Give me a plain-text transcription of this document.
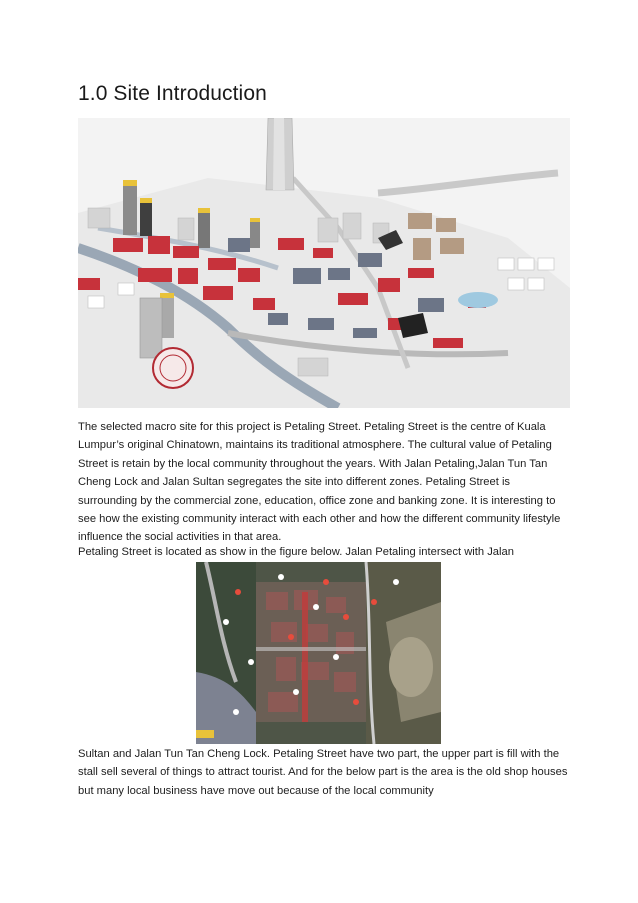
1.0 Site Introduction

The selected macro site for this project is Petaling Street. Petaling Street is the centre of Kuala Lumpur’s original Chinatown, maintains its traditional atmosphere. The cultural value of Petaling Street is retain by the local community throughout the years. With Jalan Petaling,Jalan Tun Tan Cheng Lock and Jalan Sultan segregates the site into different zones. Petaling Street is surrounding by the commercial zone, education, office zone and banking zone. It is interesting to see how the existing community interact with each other and how the different community lifestyle influence the social activities in that area.

Petaling Street is located as show in the figure below. Jalan Petaling intersect with Jalan

Sultan and Jalan Tun Tan Cheng Lock. Petaling Street have two part, the upper part is fill with the stall sell several of things to attract tourist. And for the below part is the area is the old shop houses but many local business have move out because of the local community
